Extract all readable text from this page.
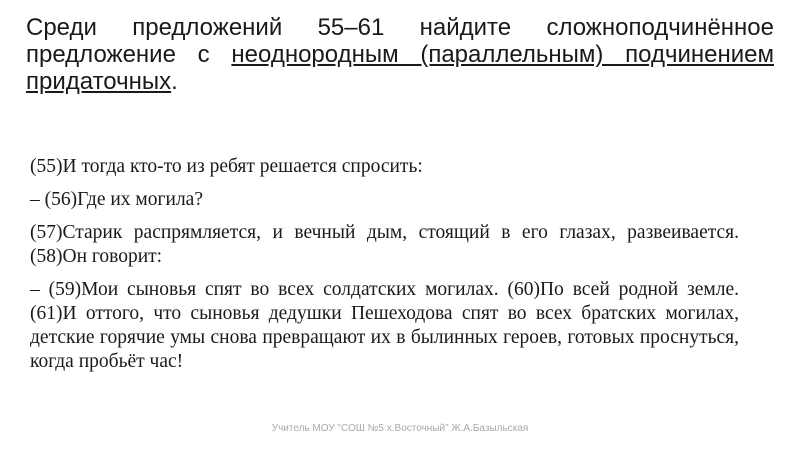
Среди предложений 55–61 найдите сложноподчинённое предложение с неоднородным (параллельным) подчинением придаточных.

(55)И тогда кто-то из ребят решается спросить:

– (56)Где их могила?

(57)Старик распрямляется, и вечный дым, стоящий в его глазах, развеивается. (58)Он говорит:

– (59)Мои сыновья спят во всех солдатских могилах. (60)По всей родной земле. (61)И оттого, что сыновья дедушки Пешеходова спят во всех братских могилах, детские горячие умы снова превращают их в былинных героев, готовых проснуться, когда пробьёт час!

Учитель МОУ "СОШ №5 х.Восточный" Ж.А.Базыльская
